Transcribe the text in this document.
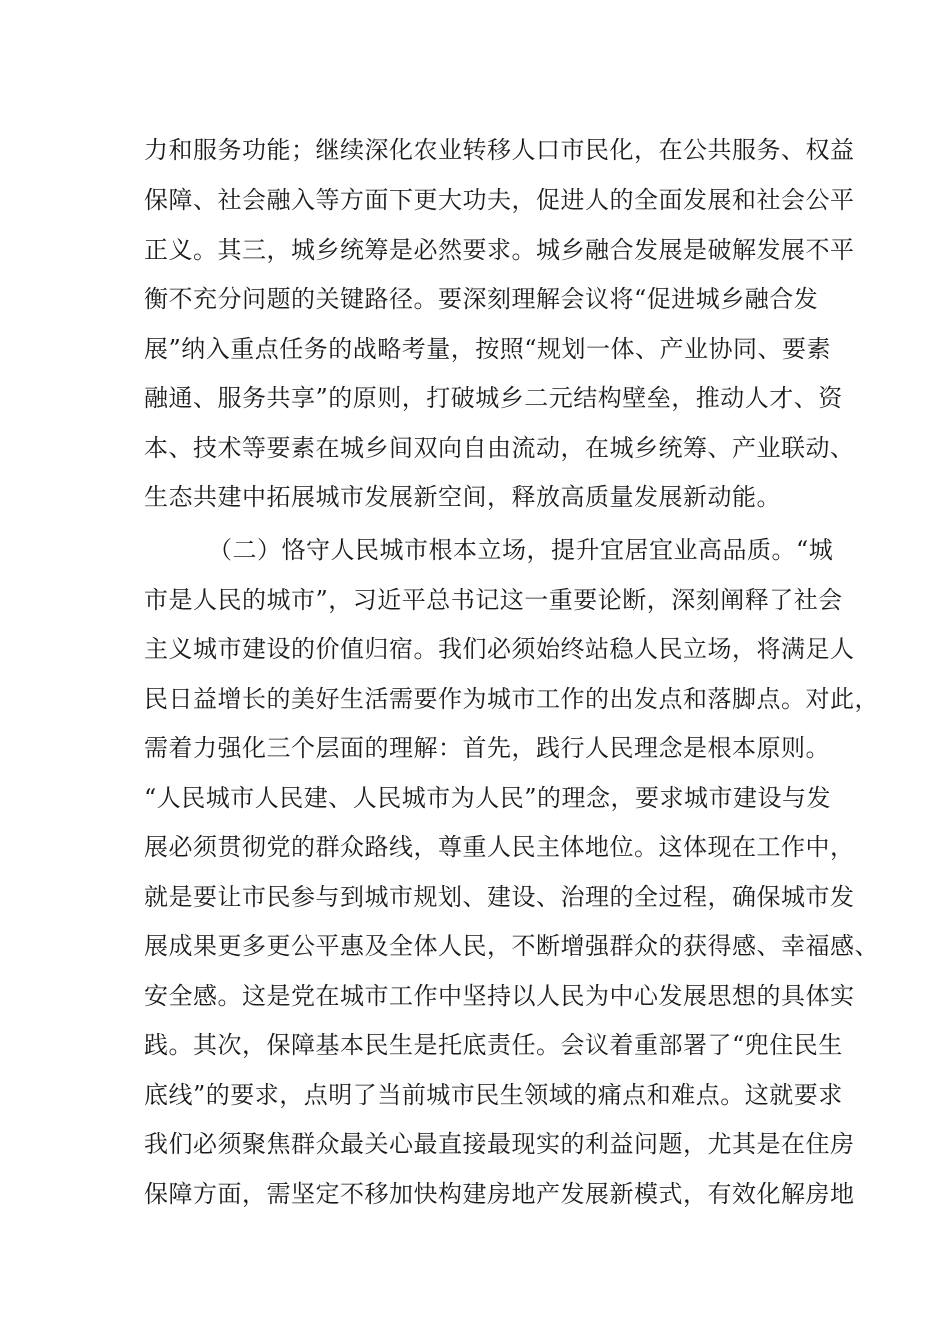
力和服务功能；继续深化农业转移人口市民化，在公共服务、权益
保障、社会融入等方面下更大功夫，促进人的全面发展和社会公平
正义。其三，城乡统筹是必然要求。城乡融合发展是破解发展不平
衡不充分问题的关键路径。要深刻理解会议将“促进城乡融合发
展”纳入重点任务的战略考量，按照“规划一体、产业协同、要素
融通、服务共享”的原则，打破城乡二元结构壁垒，推动人才、资
本、技术等要素在城乡间双向自由流动，在城乡统筹、产业联动、
生态共建中拓展城市发展新空间，释放高质量发展新动能。
（二）恪守人民城市根本立场，提升宜居宜业高品质。“城
市是人民的城市”，习近平总书记这一重要论断，深刻阐释了社会
主义城市建设的价值归宿。我们必须始终站稳人民立场，将满足人
民日益增长的美好生活需要作为城市工作的出发点和落脚点。对此，
需着力强化三个层面的理解：首先，践行人民理念是根本原则。
“人民城市人民建、人民城市为人民”的理念，要求城市建设与发
展必须贯彻党的群众路线，尊重人民主体地位。这体现在工作中，
就是要让市民参与到城市规划、建设、治理的全过程，确保城市发
展成果更多更公平惠及全体人民，不断增强群众的获得感、幸福感、
安全感。这是党在城市工作中坚持以人民为中心发展思想的具体实
践。其次，保障基本民生是托底责任。会议着重部署了“兜住民生
底线”的要求，点明了当前城市民生领域的痛点和难点。这就要求
我们必须聚焦群众最关心最直接最现实的利益问题，尤其是在住房
保障方面，需坚定不移加快构建房地产发展新模式，有效化解房地
